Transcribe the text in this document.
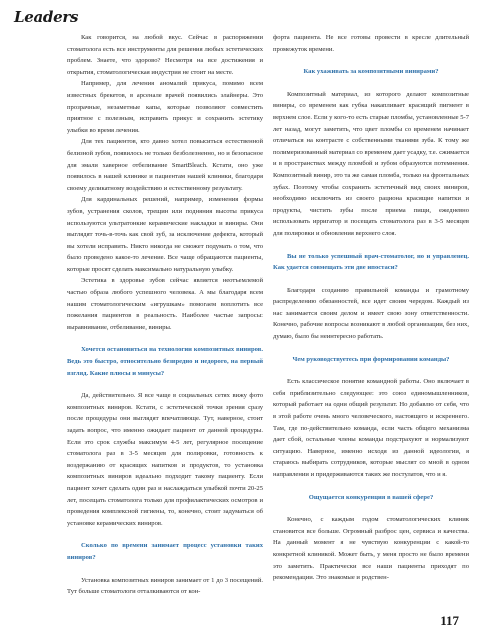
Leaders

Как говорится, на любой вкус. Сейчас в распоряжении стоматолога есть все инструменты для решения любых эстетических проблем. Знаете, что здорово? Несмотря на все достижения и открытия, стоматологическая индустрия не стоит на месте.

Например, для лечения аномалий прикуса, помимо всем известных брекетов, в арсенале врачей появились элайнеры. Это прозрачные, незаметные капы, которые позволяют совместить приятное с полезным, исправить прикус и сохранить эстетику улыбки во время лечения.

Для тех пациентов, кто давно хотел повыситься естественной белизной зубов, появилось не только безболезненно, но и безопасное для эмали хаверное отбеливание SmartBleach. Кстати, оно уже появилось в нашей клинике и пациентам нашей клиники, благодаря своему деликатному воздействию и естественному результату.

Для кардинальных решений, например, изменения формы зубов, устранения сколов, трещин или подняния высоты прикуса используются ультратонкие керамические накладки и виниры. Они выглядят точь-в-точь как свой зуб, за исключение дефекта, который вы хотели исправить. Никто никогда не сможет подумать о том, что было проведено какое-то лечение. Все чаще обращаются пациенты, которые просят сделать максимально натуральную улыбку.

Эстетика в здоровье зубов сейчас является неотъемлемой частью образа любого успешного человека. А мы благодаря всем нашим стоматологическим «игрушкам» помогаем воплотить все пожелания пациентов в реальность. Наиболее частые запросы: выравнивание, отбеливание, виниры.

Хочется остановиться на технологии композитных виниров. Ведь это быстро, относительно безвредно и недорого, на первый взгляд. Какие плюсы и минусы?

Да, действительно. Я все чаще в социальных сетях вижу фото композитных виниров. Кстати, с эстетической точки зрения сразу после процедуры они выглядят впечатляюще. Тут, наверное, стоит задать вопрос, что именно ожидает пациент от данной процедуры. Если это срок службы максимум 4-5 лет, регулярное посещение стоматолога раз в 3-5 месяцев для полировки, готовность к воздержанию от красящих напитков и продуктов, то установка композитных виниров идеально подходит такому пациенту. Если пациент хочет сделать один раз и наслаждаться улыбкой почти 20-25 лет, посещать стоматолога только для профилактических осмотров и проведения комплексной гигиены, то, конечно, стоит задуматься об установке керамических виниров.

Сколько по времени занимает процесс установки таких виниров?

Установка композитных виниров занимает от 1 до 3 посещений. Тут больше стоматологи отталкиваются от кон-

форта пациента. Не все готовы провести в кресле длительный промежуток времени.

Как ухаживать за композитными винирами?

Композитный материал, из которого делают композитные виниры, со временем как губка накапливает красящий пигмент в верхнем слое. Если у кого-то есть старые пломбы, установленные 5-7 лет назад, могут заметить, что цвет пломбы со временем начинает отличаться на контрасте с собственными тканями зуба. К тому же полимеризованный материал со временем дает усадку, т.е. сжимается и в пространствах между пломбой и зубом образуются потемнения. Композитный винир, это та же самая пломба, только на фронтальных зубах. Поэтому чтобы сохранить эстетичный вид своих виниров, необходимо исключить из своего рациона красящие напитки и продукты, чистить зубы после приема пищи, ежедневно использовать ирригатор и посещать стоматолога раз в 3-5 месяцев для полировки и обновления верхнего слоя.

Вы не только успешный врач-стоматолог, но и управленец. Как удается совмещать эти две ипостаси?

Благодаря созданию правильной команды и грамотному распределению обязанностей, все идет своим чередом. Каждый из нас занимается своим делом и имеет свою зону ответственности. Конечно, рабочие вопросы возникают в любой организации, без них, думаю, было бы неинтересно работать.

Чем руководствуетесь при формировании команды?

Есть классическое понятие командной работы. Оно включает в себя приблизительно следующее: это союз единомышленников, который работает на одни общий результат. Но добавлю от себя, что в этой работе очень много человеческого, настоящего и искреннего. Там, где по-действительно команда, если часть общего механизма дает сбой, остальные члены команды подстрахуют и нормализуют ситуацию. Наверное, именно исходя из данной идеологии, я стараюсь выбирать сотрудников, которые мыслят со мной в одном направлении и придерживаются таких же постулатов, что и я.

Ощущается конкуренция в вашей сфере?

Конечно, с каждым годом стоматологических клиник становится все больше. Огромный разброс цен, сервиса и качества. На данный момент я не чувствую конкуренции с какой-то конкретной клиникой. Может быть, у меня просто не было времени это заметить. Практически все наши пациенты приходят по рекомендации. Это знакомые и родствен-

117
